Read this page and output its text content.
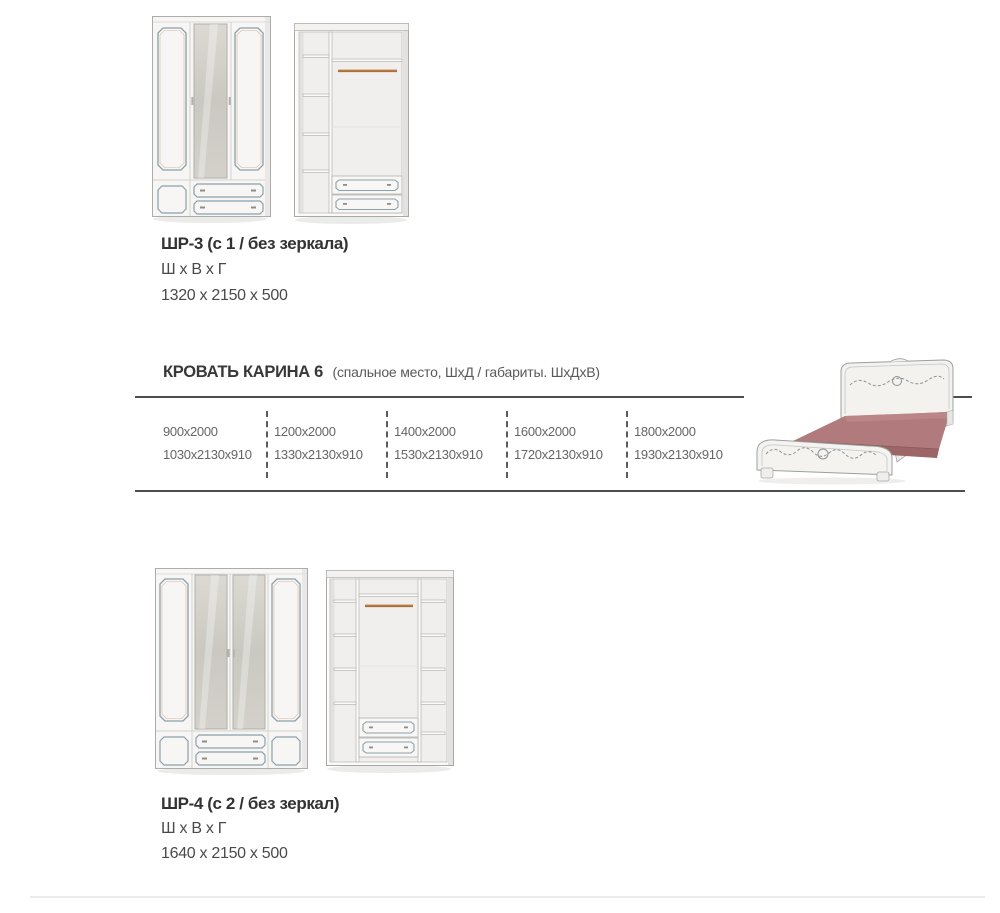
ШР-3 (с 1 / без зеркала)
Ш х В х Г
1320 х 2150 х 500
КРОВАТЬ КАРИНА 6 (спальное место, ШхД / габариты. ШхДхВ)
900х2000
1030х2130х910
1200х2000
1330х2130х910
1400х2000
1530х2130х910
1600х2000
1720х2130х910
1800х2000
1930х2130х910
ШР-4 (с 2 / без зеркал)
Ш х В х Г
1640 х 2150 х 500
